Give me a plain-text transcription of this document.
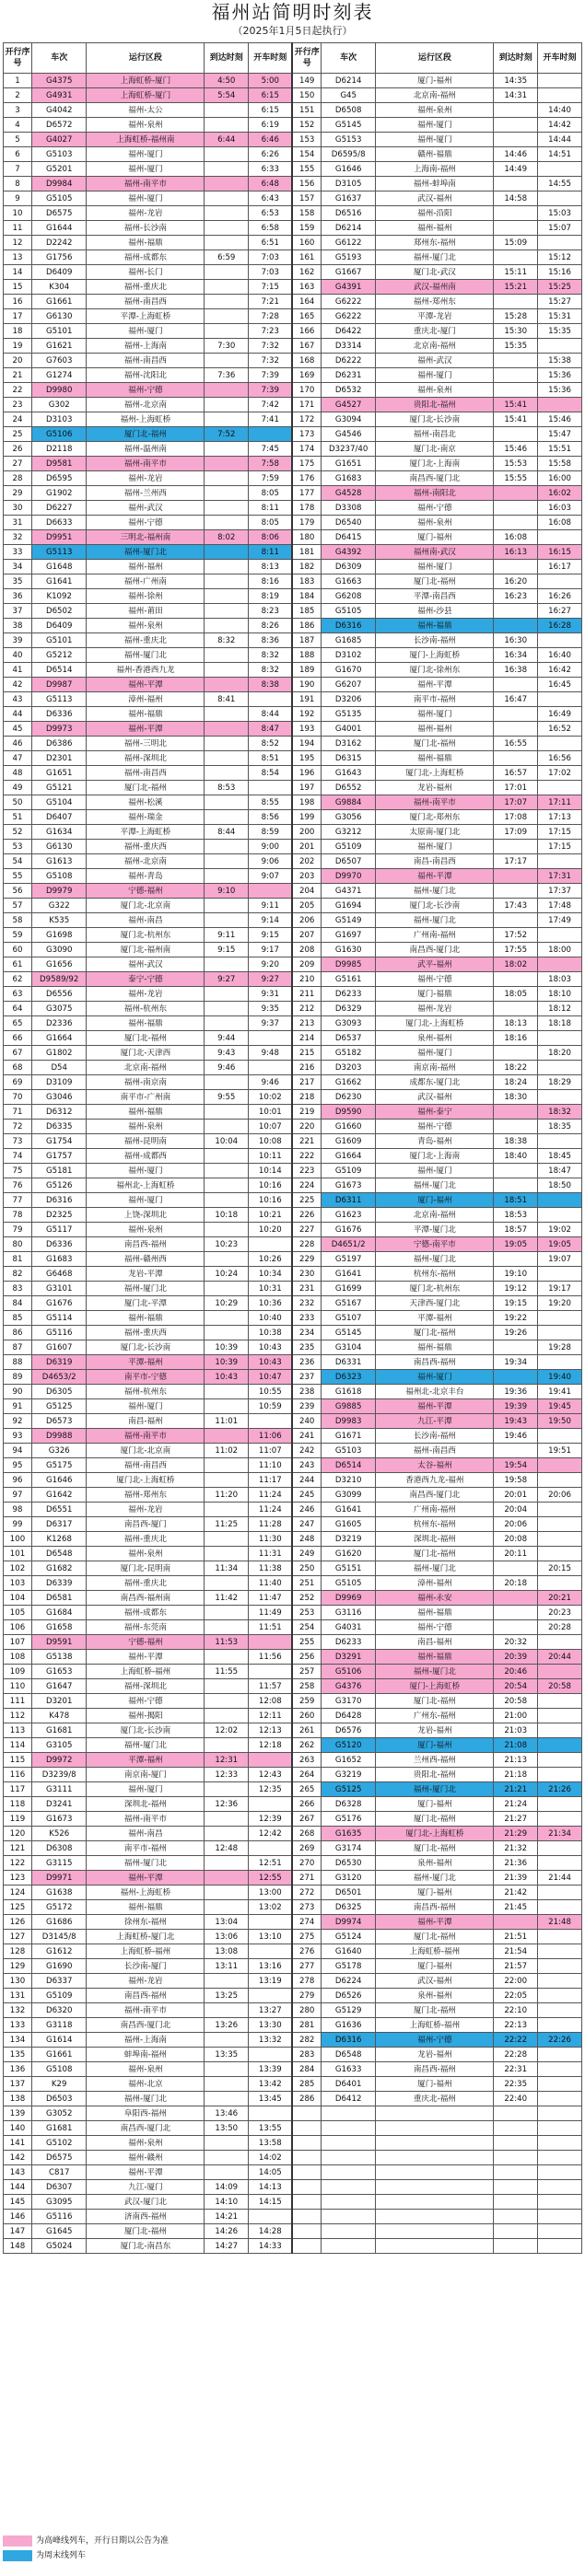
福州站简明时刻表
（2025年1月5日起执行）
开行序号	车次	运行区段	到达时刻	开车时刻	开行序号	车次	运行区段	到达时刻	开车时刻
1	G4375	上海虹桥-厦门	4:50	5:00	149	D6214	厦门-福州	14:35	
2	G4931	上海虹桥-厦门	5:54	6:15	150	G45	北京南-福州	14:31	
3	G4042	福州-太公		6:15	151	D6508	福州-泉州		14:40
4	D6572	福州-泉州		6:19	152	G5145	福州-厦门		14:42
5	G4027	上海虹桥-福州南	6:44	6:46	153	G5153	福州-厦门		14:44
6	G5103	福州-厦门		6:26	154	D6595/8	赣州-福鼎	14:46	14:51
7	G5201	福州-厦门		6:33	155	G1646	上海南-福州	14:49	
8	D9984	福州-南平市		6:48	156	D3105	福州-蚌埠南		14:55
9	G5105	福州-厦门		6:43	157	G1637	武汉-福州	14:58	
10	D6575	福州-龙岩		6:53	158	D6516	福州-沿阳		15:03
11	G1644	福州-长沙南		6:58	159	D6214	福州-福州		15:07
12	D2242	福州-福鼎		6:51	160	G6122	郑州东-福州	15:09	
13	G1756	福州-成都东	6:59	7:03	161	G5193	福州-厦门北		15:12
14	D6409	福州-长门		7:03	162	G1667	厦门北-武汉	15:11	15:16
15	K304	福州-重庆北		7:15	163	G4391	武汉-福州南	15:21	15:25
16	G1661	福州-南昌西		7:21	164	G6222	福州-郑州东		15:27
17	G6130	平潭-上海虹桥		7:28	165	G6222	平潭-龙岩	15:28	15:31
18	G5101	福州-厦门		7:23	166	D6422	重庆北-厦门	15:30	15:35
19	G1621	福州-上海南	7:30	7:32	167	D3314	北京南-福州	15:35	
20	G7603	福州-南昌西		7:32	168	D6222	福州-武汉		15:38
21	G1274	福州-沈阳北	7:36	7:39	169	D6231	福州-厦门		15:36
22	D9980	福州-宁德		7:39	170	D6532	福州-泉州		15:36
23	G302	福州-北京南		7:42	171	G4527	贵阳北-福州	15:41	
24	D3103	福州-上海虹桥		7:41	172	G3094	厦门北-长沙南	15:41	15:46
25	G5106	厦门北-福州	7:52		173	G4546	福州-南昌北		15:47
26	D2118	福州-温州南		7:45	174	D3237/40	厦门北-南京	15:46	15:51
27	D9581	福州-南平市		7:58	175	G1651	厦门北-上海南	15:53	15:58
28	D6595	福州-龙岩		7:59	176	G1683	南昌西-厦门北	15:55	16:00
29	G1902	福州-兰州西		8:05	177	G4528	福州-南阳北		16:02
30	D6227	福州-武汉		8:11	178	D3308	福州-宁德		16:03
31	D6633	福州-宁德		8:05	179	D6540	福州-泉州		16:08
32	D9951	三明北-福州南	8:02	8:06	180	D6415	厦门-福州	16:08	
33	G5113	福州-厦门北		8:11	181	G4392	福州南-武汉	16:13	16:15
34	G1648	福州-福州		8:13	182	D6309	福州-厦门		16:17
35	G1641	福州-广州南		8:16	183	G1663	厦门北-福州	16:20	
36	K1092	福州-徐州		8:19	184	G6208	平潭-南昌西	16:23	16:26
37	D6502	福州-莆田		8:23	185	G5105	福州-沙县		16:27
38	D6409	福州-泉州		8:26	186	D6316	福州-福鼎		16:28
39	G5101	福州-重庆北	8:32	8:36	187	G1685	长沙南-福州	16:30	
40	G5212	福州-厦门北		8:32	188	D3102	厦门-上海虹桥	16:34	16:40
41	D6514	福州-香港西九龙		8:32	189	G1670	厦门北-徐州东	16:38	16:42
42	D9987	福州-平潭		8:38	190	G6207	福州-平潭		16:45
43	G5113	漳州-福州	8:41		191	D3206	南平市-福州	16:47	
44	D6336	福州-福鼎		8:44	192	G5135	福州-厦门		16:49
45	D9973	福州-平潭		8:47	193	G4001	福州-福州		16:52
46	D6386	福州-三明北		8:52	194	D3162	厦门北-福州	16:55	
47	D2301	福州-深圳北		8:51	195	D6315	福州-福鼎		16:56
48	G1651	福州-南昌西		8:54	196	G1643	厦门北-上海虹桥	16:57	17:02
49	G5121	厦门北-福州	8:53		197	D6552	龙岩-福州	17:01	
50	G5104	福州-松溪		8:55	198	G9884	福州-南平市	17:07	17:11
51	D6407	福州-瑞金		8:56	199	G3056	厦门北-郑州东	17:08	17:13
52	G1634	平潭-上海虹桥	8:44	8:59	200	G3212	太原南-厦门北	17:09	17:15
53	G6130	福州-重庆西		9:00	201	G5109	福州-厦门		17:15
54	G1613	福州-北京南		9:06	202	D6507	南昌-南昌西	17:17	
55	G5108	福州-青岛		9:07	203	D9970	福州-平潭		17:31
56	D9979	宁德-福州	9:10		204	G4371	福州-厦门北		17:37
57	G322	厦门北-北京南		9:11	205	G1694	厦门北-长沙南	17:43	17:48
58	K535	福州-南昌		9:14	206	G5149	福州-厦门北		17:49
59	G1698	厦门北-杭州东	9:11	9:15	207	G1697	广州南-福州	17:52	
60	G3090	厦门北-福州南	9:15	9:17	208	G1630	南昌西-厦门北	17:55	18:00
61	G1656	福州-武汉		9:20	209	D9985	武平-福州	18:02	
62	D9589/92	泰宁-宁德	9:27	9:27	210	G5161	福州-宁德		18:03
63	D6556	福州-龙岩		9:31	211	D6233	厦门-福鼎	18:05	18:10
64	G3075	福州-杭州东		9:35	212	D6329	福州-龙岩		18:12
65	D2336	福州-福鼎		9:37	213	G3093	厦门北-上海虹桥	18:13	18:18
66	G1664	厦门北-福州	9:44		214	D6537	泉州-福州	18:16	
67	G1802	厦门北-天津西	9:43	9:48	215	G5182	福州-厦门		18:20
68	D54	北京南-福州	9:46		216	D3203	南京南-福州	18:22	
69	D3109	福州-南京南		9:46	217	G1662	成都东-厦门北	18:24	18:29
70	G3046	南平市-广州南	9:55	10:02	218	D6230	武汉-福州	18:30	
71	D6312	福州-福鼎		10:01	219	D9590	福州-泰宁		18:32
72	D6335	福州-泉州		10:07	220	G1660	福州-宁德		18:35
73	G1754	福州-昆明南	10:04	10:08	221	G1609	青岛-福州	18:38	
74	G1757	福州-成都西		10:11	222	G1664	厦门北-上海南	18:40	18:45
75	G5181	福州-厦门		10:14	223	G5109	福州-厦门		18:47
76	G5126	福州北-上海虹桥		10:16	224	G1673	福州-厦门北		18:50
77	D6316	福州-厦门		10:16	225	D6311	厦门-福州	18:51	
78	D2325	上饶-深圳北	10:18	10:21	226	G1623	北京南-福州	18:53	
79	G5117	福州-泉州		10:20	227	G1676	平潭-厦门北	18:57	19:02
80	D6336	南昌西-福州	10:23		228	D4651/2	宁德-南平市	19:05	19:05
81	G1683	福州-赣州西		10:26	229	G5197	福州-厦门北		19:07
82	G6468	龙岩-平潭	10:24	10:34	230	G1641	杭州东-福州	19:10	
83	G3101	福州-厦门北		10:31	231	G1699	厦门北-杭州东	19:12	19:17
84	G1676	厦门北-平潭	10:29	10:36	232	G5167	天津西-厦门北	19:15	19:20
85	G5114	福州-福鼎		10:40	233	G5107	平潭-福州	19:22	
86	G5116	福州-重庆西		10:38	234	G5145	厦门北-福州	19:26	
87	G1607	厦门北-长沙南	10:39	10:43	235	G3104	福州-福鼎		19:28
88	D6319	平潭-福州	10:39	10:43	236	D6331	南昌西-福州	19:34	
89	D4653/2	南平市-宁德	10:43	10:47	237	D6323	福州-厦门		19:40
90	D6305	福州-杭州东		10:55	238	G1618	福州北-北京丰台	19:36	19:41
91	G5125	福州-厦门		10:59	239	G9885	福州-平潭	19:39	19:45
92	D6573	南昌-福州	11:01		240	D9983	九江-平潭	19:43	19:50
93	D9988	福州-南平市		11:06	241	G1671	长沙南-福州	19:46	
94	G326	厦门北-北京南	11:02	11:07	242	G5103	福州-南昌西		19:51
95	G5175	福州-南昌西		11:10	243	D6514	太谷-福州	19:54	
96	G1646	厦门北-上海虹桥		11:17	244	D3210	香港西九龙-福州	19:58	
97	G1642	福州-郑州东	11:20	11:24	245	G3099	南昌西-厦门北	20:01	20:06
98	D6551	福州-龙岩		11:24	246	G1641	广州南-福州	20:04	
99	D6317	南昌西-厦门	11:25	11:28	247	G1605	杭州东-福州	20:06	
100	K1268	福州-重庆北		11:30	248	D3219	深圳北-福州	20:08	
101	D6548	福州-泉州		11:31	249	G1620	厦门北-福州	20:11	
102	G1682	厦门北-昆明南	11:34	11:38	250	G5151	福州-厦门北		20:15
103	D6339	福州-重庆北		11:40	251	G5105	漳州-福州	20:18	
104	D6581	南昌西-福州南	11:42	11:47	252	D9969	福州-永安		20:21
105	G1684	福州-成都东		11:49	253	G3116	福州-福鼎		20:23
106	G1658	福州-东莞南		11:51	254	G4031	福州-宁德		20:28
107	D9591	宁德-福州	11:53		255	D6233	南昌-福州	20:32	
108	G5138	福州-平潭		11:56	256	D3291	福州-福鼎	20:39	20:44
109	G1653	上海虹桥-福州	11:55		257	G5106	福州-厦门北	20:46	
110	G1647	福州-深圳北		11:57	258	G4376	厦门-上海虹桥	20:54	20:58
111	D3201	福州-宁德		12:08	259	G3170	厦门北-福州	20:58	
112	K478	福州-揭阳		12:11	260	D6428	广州东-福州	21:00	
113	G1681	厦门北-长沙南	12:02	12:13	261	D6576	龙岩-福州	21:03	
114	G3105	福州-厦门北		12:18	262	G5120	厦门-福州	21:08	
115	D9972	平潭-福州	12:31		263	G1652	兰州西-福州	21:13	
116	D3239/8	南京南-厦门	12:33	12:43	264	G3219	贵阳北-福州	21:18	
117	G3111	福州-厦门		12:35	265	G5125	福州-厦门北	21:21	21:26
118	D3241	深圳北-福州	12:36		266	D6328	厦门-福州	21:24	
119	G1673	福州-南平市		12:39	267	G5176	厦门北-福州	21:27	
120	K526	福州-南昌		12:42	268	G1635	厦门北-上海虹桥	21:29	21:34
121	D6308	南平市-福州	12:48		269	G3174	厦门北-福州	21:32	
122	G3115	福州-厦门北		12:51	270	D6530	泉州-福州	21:36	
123	D9971	福州-平潭		12:55	271	G3120	福州-厦门北	21:39	21:44
124	G1638	福州-上海虹桥		13:00	272	D6501	厦门-福州	21:42	
125	G5172	福州-福鼎		13:02	273	D6325	南昌西-福州	21:45	
126	G1686	徐州东-福州	13:04		274	D9974	福州-平潭		21:48
127	D3145/8	上海虹桥-厦门北	13:06	13:10	275	G5124	厦门北-福州	21:51	
128	G1612	上海虹桥-福州	13:08		276	G1640	上海虹桥-福州	21:54	
129	G1690	长沙南-厦门	13:11	13:16	277	G5178	厦门-福州	21:57	
130	D6337	福州-龙岩		13:19	278	D6224	武汉-福州	22:00	
131	G5109	南昌西-福州	13:25		279	D6526	泉州-福州	22:05	
132	D6320	福州-南平市		13:27	280	G5129	厦门北-福州	22:10	
133	G3118	南昌西-厦门北	13:26	13:30	281	G1636	上海虹桥-福州	22:13	
134	G1614	福州-上海南		13:32	282	D6316	福州-宁德	22:22	22:26
135	G1661	蚌埠南-福州	13:35		283	D6548	龙岩-福州	22:28	
136	G5108	福州-泉州		13:39	284	G1633	南昌西-福州	22:31	
137	K29	福州-北京		13:42	285	D6401	厦门-福州	22:35	
138	D6503	福州-厦门北		13:45	286	D6412	重庆北-福州	22:40	
139	G3052	阜阳西-福州	13:46						
140	G1681	南昌西-厦门北	13:50	13:55					
141	G5102	福州-泉州		13:58					
142	D6575	福州-赣州		14:02					
143	C817	福州-平潭		14:05					
144	D6307	九江-厦门	14:09	14:13					
145	G3095	武汉-厦门北	14:10	14:15					
146	G5116	济南西-福州	14:21						
147	G1645	厦门北-福州	14:26	14:28					
148	G5024	厦门北-南昌东	14:27	14:33					
为高峰线列车，开行日期以公告为准
为周末线列车
